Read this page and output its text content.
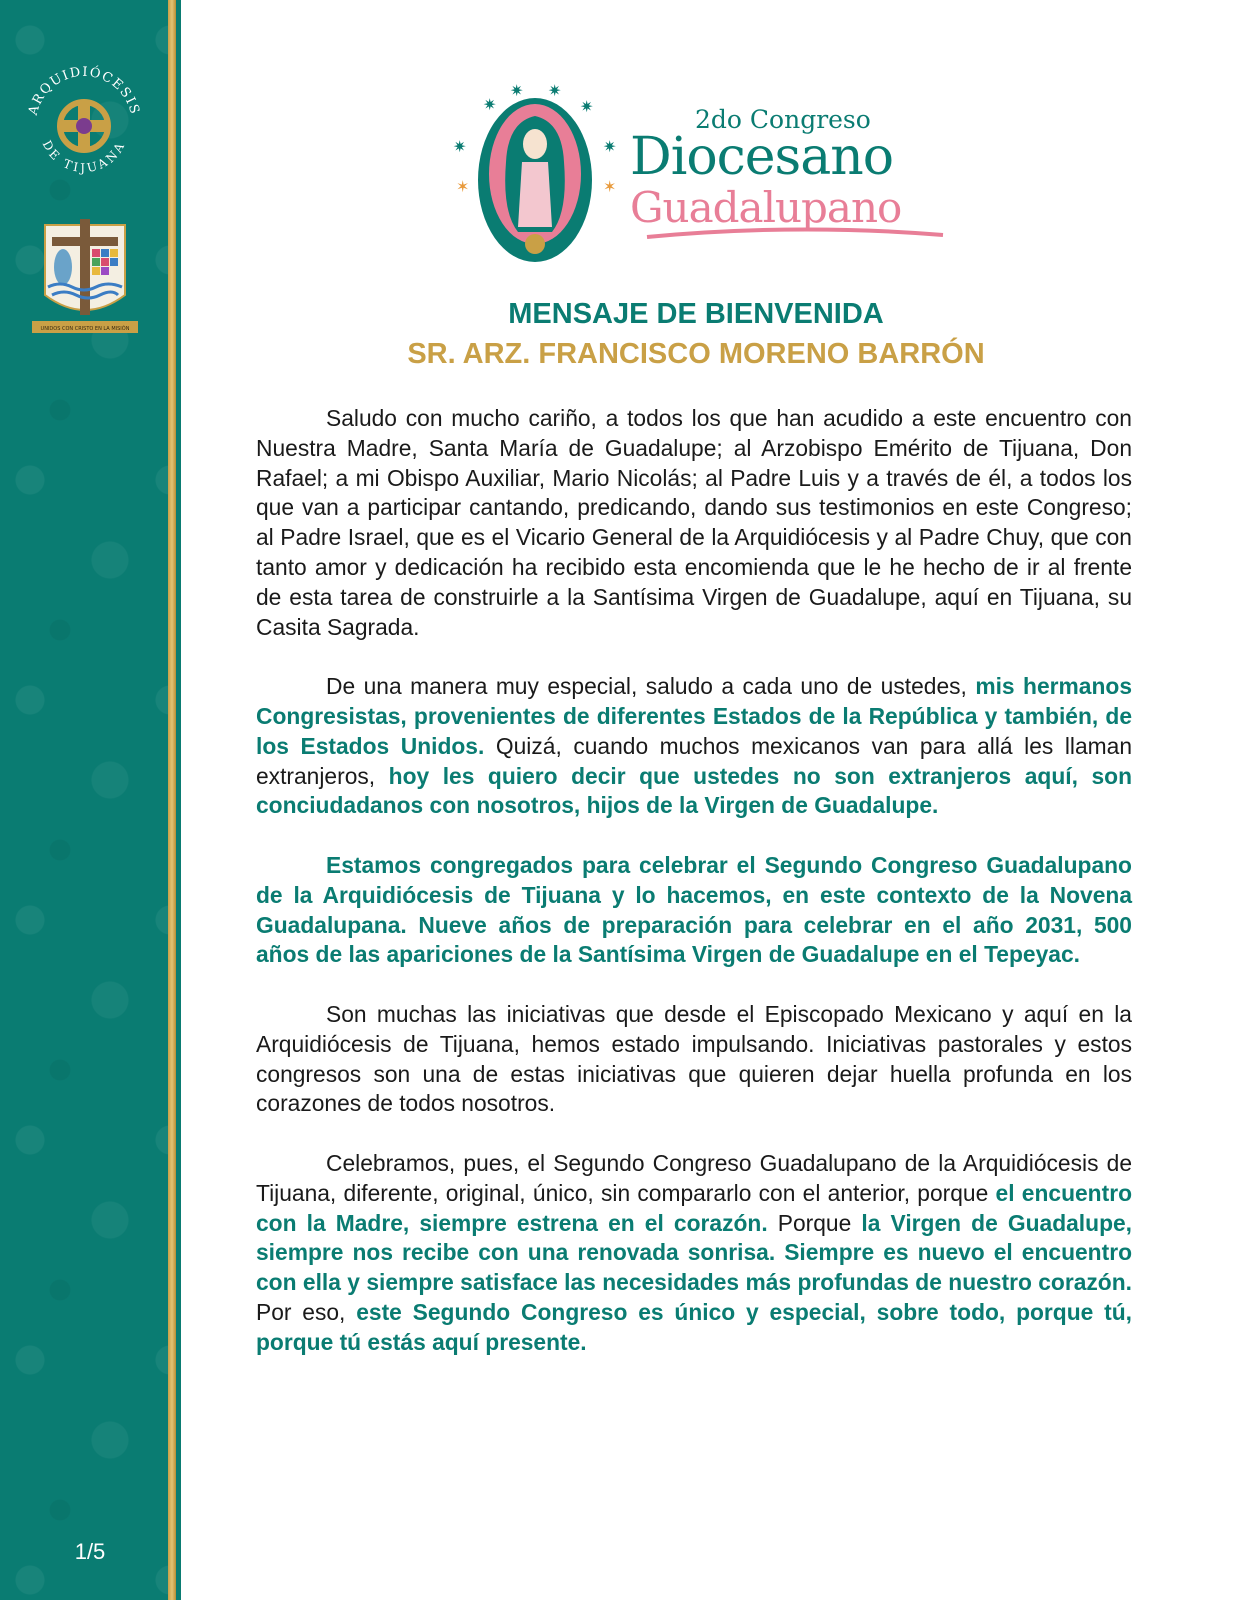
ARQUIDIÓCESIS
DE TIJUANA
UNIDOS CON CRISTO EN LA MISIÓN
1/5
✷
✷ ✷
✷
✷	✷
✶	✶
2do Congreso
Diocesano
Guadalupano
MENSAJE DE BIENVENIDA
SR. ARZ. FRANCISCO MORENO BARRÓN

Saludo con mucho cariño, a todos los que han acudido a este encuentro con Nuestra Madre, Santa María de Guadalupe; al Arzobispo Emérito de Tijuana, Don Rafael; a mi Obispo Auxiliar, Mario Nicolás; al Padre Luis y a través de él, a todos los que van a participar cantando, predicando, dando sus testimonios en este Congreso; al Padre Israel, que es el Vicario General de la Arquidiócesis y al Padre Chuy, que con tanto amor y dedicación ha recibido esta encomienda que le he hecho de ir al frente de esta tarea de construirle a la Santísima Virgen de Guadalupe, aquí en Tijuana, su Casita Sagrada.

De una manera muy especial, saludo a cada uno de ustedes, mis hermanos Congresistas, provenientes de diferentes Estados de la República y también, de los Estados Unidos. Quizá, cuando muchos mexicanos van para allá les llaman extranjeros, hoy les quiero decir que ustedes no son extranjeros aquí, son conciudadanos con nosotros, hijos de la Virgen de Guadalupe.

Estamos congregados para celebrar el Segundo Congreso Guadalupano de la Arquidiócesis de Tijuana y lo hacemos, en este contexto de la Novena Guadalupana. Nueve años de preparación para celebrar en el año 2031, 500 años de las apariciones de la Santísima Virgen de Guadalupe en el Tepeyac.

Son muchas las iniciativas que desde el Episcopado Mexicano y aquí en la Arquidiócesis de Tijuana, hemos estado impulsando. Iniciativas pastorales y estos congresos son una de estas iniciativas que quieren dejar huella profunda en los corazones de todos nosotros.

Celebramos, pues, el Segundo Congreso Guadalupano de la Arquidiócesis de Tijuana, diferente, original, único, sin compararlo con el anterior, porque el encuentro con la Madre, siempre estrena en el corazón. Porque la Virgen de Guadalupe, siempre nos recibe con una renovada sonrisa. Siempre es nuevo el encuentro con ella y siempre satisface las necesidades más profundas de nuestro corazón. Por eso, este Segundo Congreso es único y especial, sobre todo, porque tú, porque tú estás aquí presente.
